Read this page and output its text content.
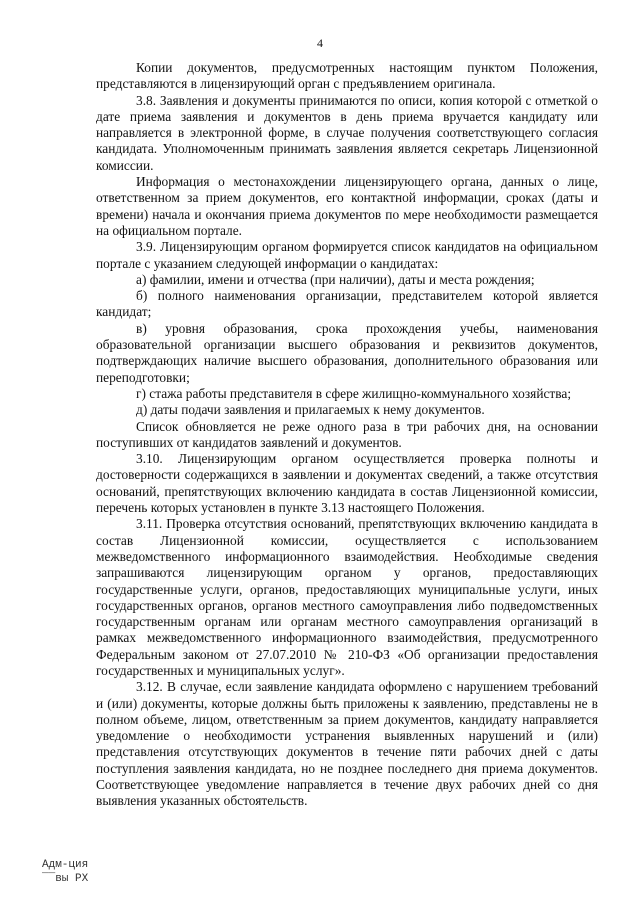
4

Копии документов, предусмотренных настоящим пунктом Положения, представляются в лицензирующий орган с предъявлением оригинала.

3.8. Заявления и документы принимаются по описи, копия которой с отметкой о дате приема заявления и документов в день приема вручается кандидату или направляется в электронной форме, в случае получения соответствующего согласия кандидата. Уполномоченным принимать заявления является секретарь Лицензионной комиссии.

Информация о местонахождении лицензирующего органа, данных о лице, ответственном за прием документов, его контактной информации, сроках (даты и времени) начала и окончания приема документов по мере необходимости размещается на официальном портале.

3.9. Лицензирующим органом формируется список кандидатов на официальном портале с указанием следующей информации о кандидатах:

а) фамилии, имени и отчества (при наличии), даты и места рождения;

б) полного наименования организации, представителем которой является кандидат;

в) уровня образования, срока прохождения учебы, наименования образовательной организации высшего образования и реквизитов документов, подтверждающих наличие высшего образования, дополнительного образования или переподготовки;

г) стажа работы представителя в сфере жилищно-коммунального хозяйства;

д) даты подачи заявления и прилагаемых к нему документов.

Список обновляется не реже одного раза в три рабочих дня, на основании поступивших от кандидатов заявлений и документов.

3.10. Лицензирующим органом осуществляется проверка полноты и достоверности содержащихся в заявлении и документах сведений, а также отсутствия оснований, препятствующих включению кандидата в состав Лицензионной комиссии, перечень которых установлен в пункте 3.13 настоящего Положения.

3.11. Проверка отсутствия оснований, препятствующих включению кандидата в состав Лицензионной комиссии, осуществляется с использованием межведомственного информационного взаимодействия. Необходимые сведения запрашиваются лицензирующим органом у органов, предоставляющих государственные услуги, органов, предоставляющих муниципальные услуги, иных государственных органов, органов местного самоуправления либо подведомственных государственным органам или органам местного самоуправления организаций в рамках межведомственного информационного взаимодействия, предусмотренного Федеральным законом от 27.07.2010 № 210-ФЗ «Об организации предоставления государственных и муниципальных услуг».

3.12. В случае, если заявление кандидата оформлено с нарушением требований и (или) документы, которые должны быть приложены к заявлению, представлены не в полном объеме, лицом, ответственным за прием документов, кандидату направляется уведомление о необходимости устранения выявленных нарушений и (или) представления отсутствующих документов в течение пяти рабочих дней с даты поступления заявления кандидата, но не позднее последнего дня приема документов. Соответствующее уведомление направляется в течение двух рабочих дней со дня выявления указанных обстоятельств.

Адм-ция
‾‾вы РХ
